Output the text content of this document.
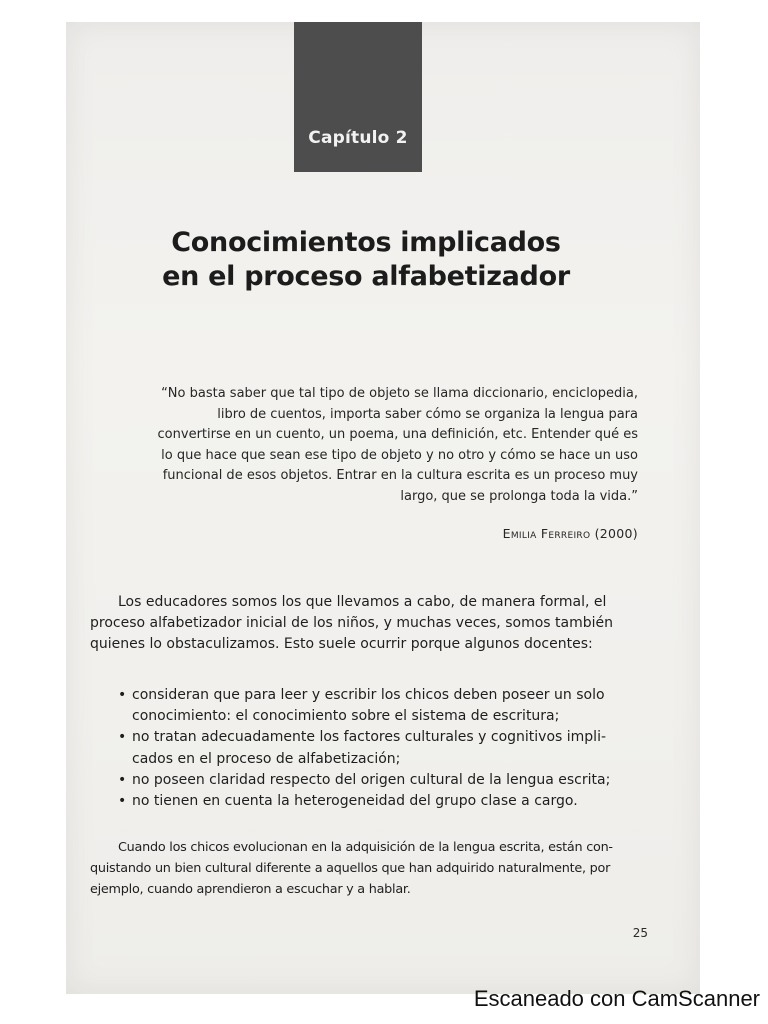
Capítulo 2
Conocimientos implicados
en el proceso alfabetizador
“No basta saber que tal tipo de objeto se llama diccionario, enciclopedia,
libro de cuentos, importa saber cómo se organiza la lengua para
convertirse en un cuento, un poema, una definición, etc. Entender qué es
lo que hace que sean ese tipo de objeto y no otro y cómo se hace un uso
funcional de esos objetos. Entrar en la cultura escrita es un proceso muy
largo, que se prolonga toda la vida.”
Emilia Ferreiro (2000)
Los educadores somos los que llevamos a cabo, de manera formal, el
proceso alfabetizador inicial de los niños, y muchas veces, somos también
quienes lo obstaculizamos. Esto suele ocurrir porque algunos docentes:
• consideran que para leer y escribir los chicos deben poseer un solo
conocimiento: el conocimiento sobre el sistema de escritura;
• no tratan adecuadamente los factores culturales y cognitivos impli-
cados en el proceso de alfabetización;
• no poseen claridad respecto del origen cultural de la lengua escrita;
• no tienen en cuenta la heterogeneidad del grupo clase a cargo.
Cuando los chicos evolucionan en la adquisición de la lengua escrita, están con-
quistando un bien cultural diferente a aquellos que han adquirido naturalmente, por
ejemplo, cuando aprendieron a escuchar y a hablar.
25
Escaneado con CamScanner
